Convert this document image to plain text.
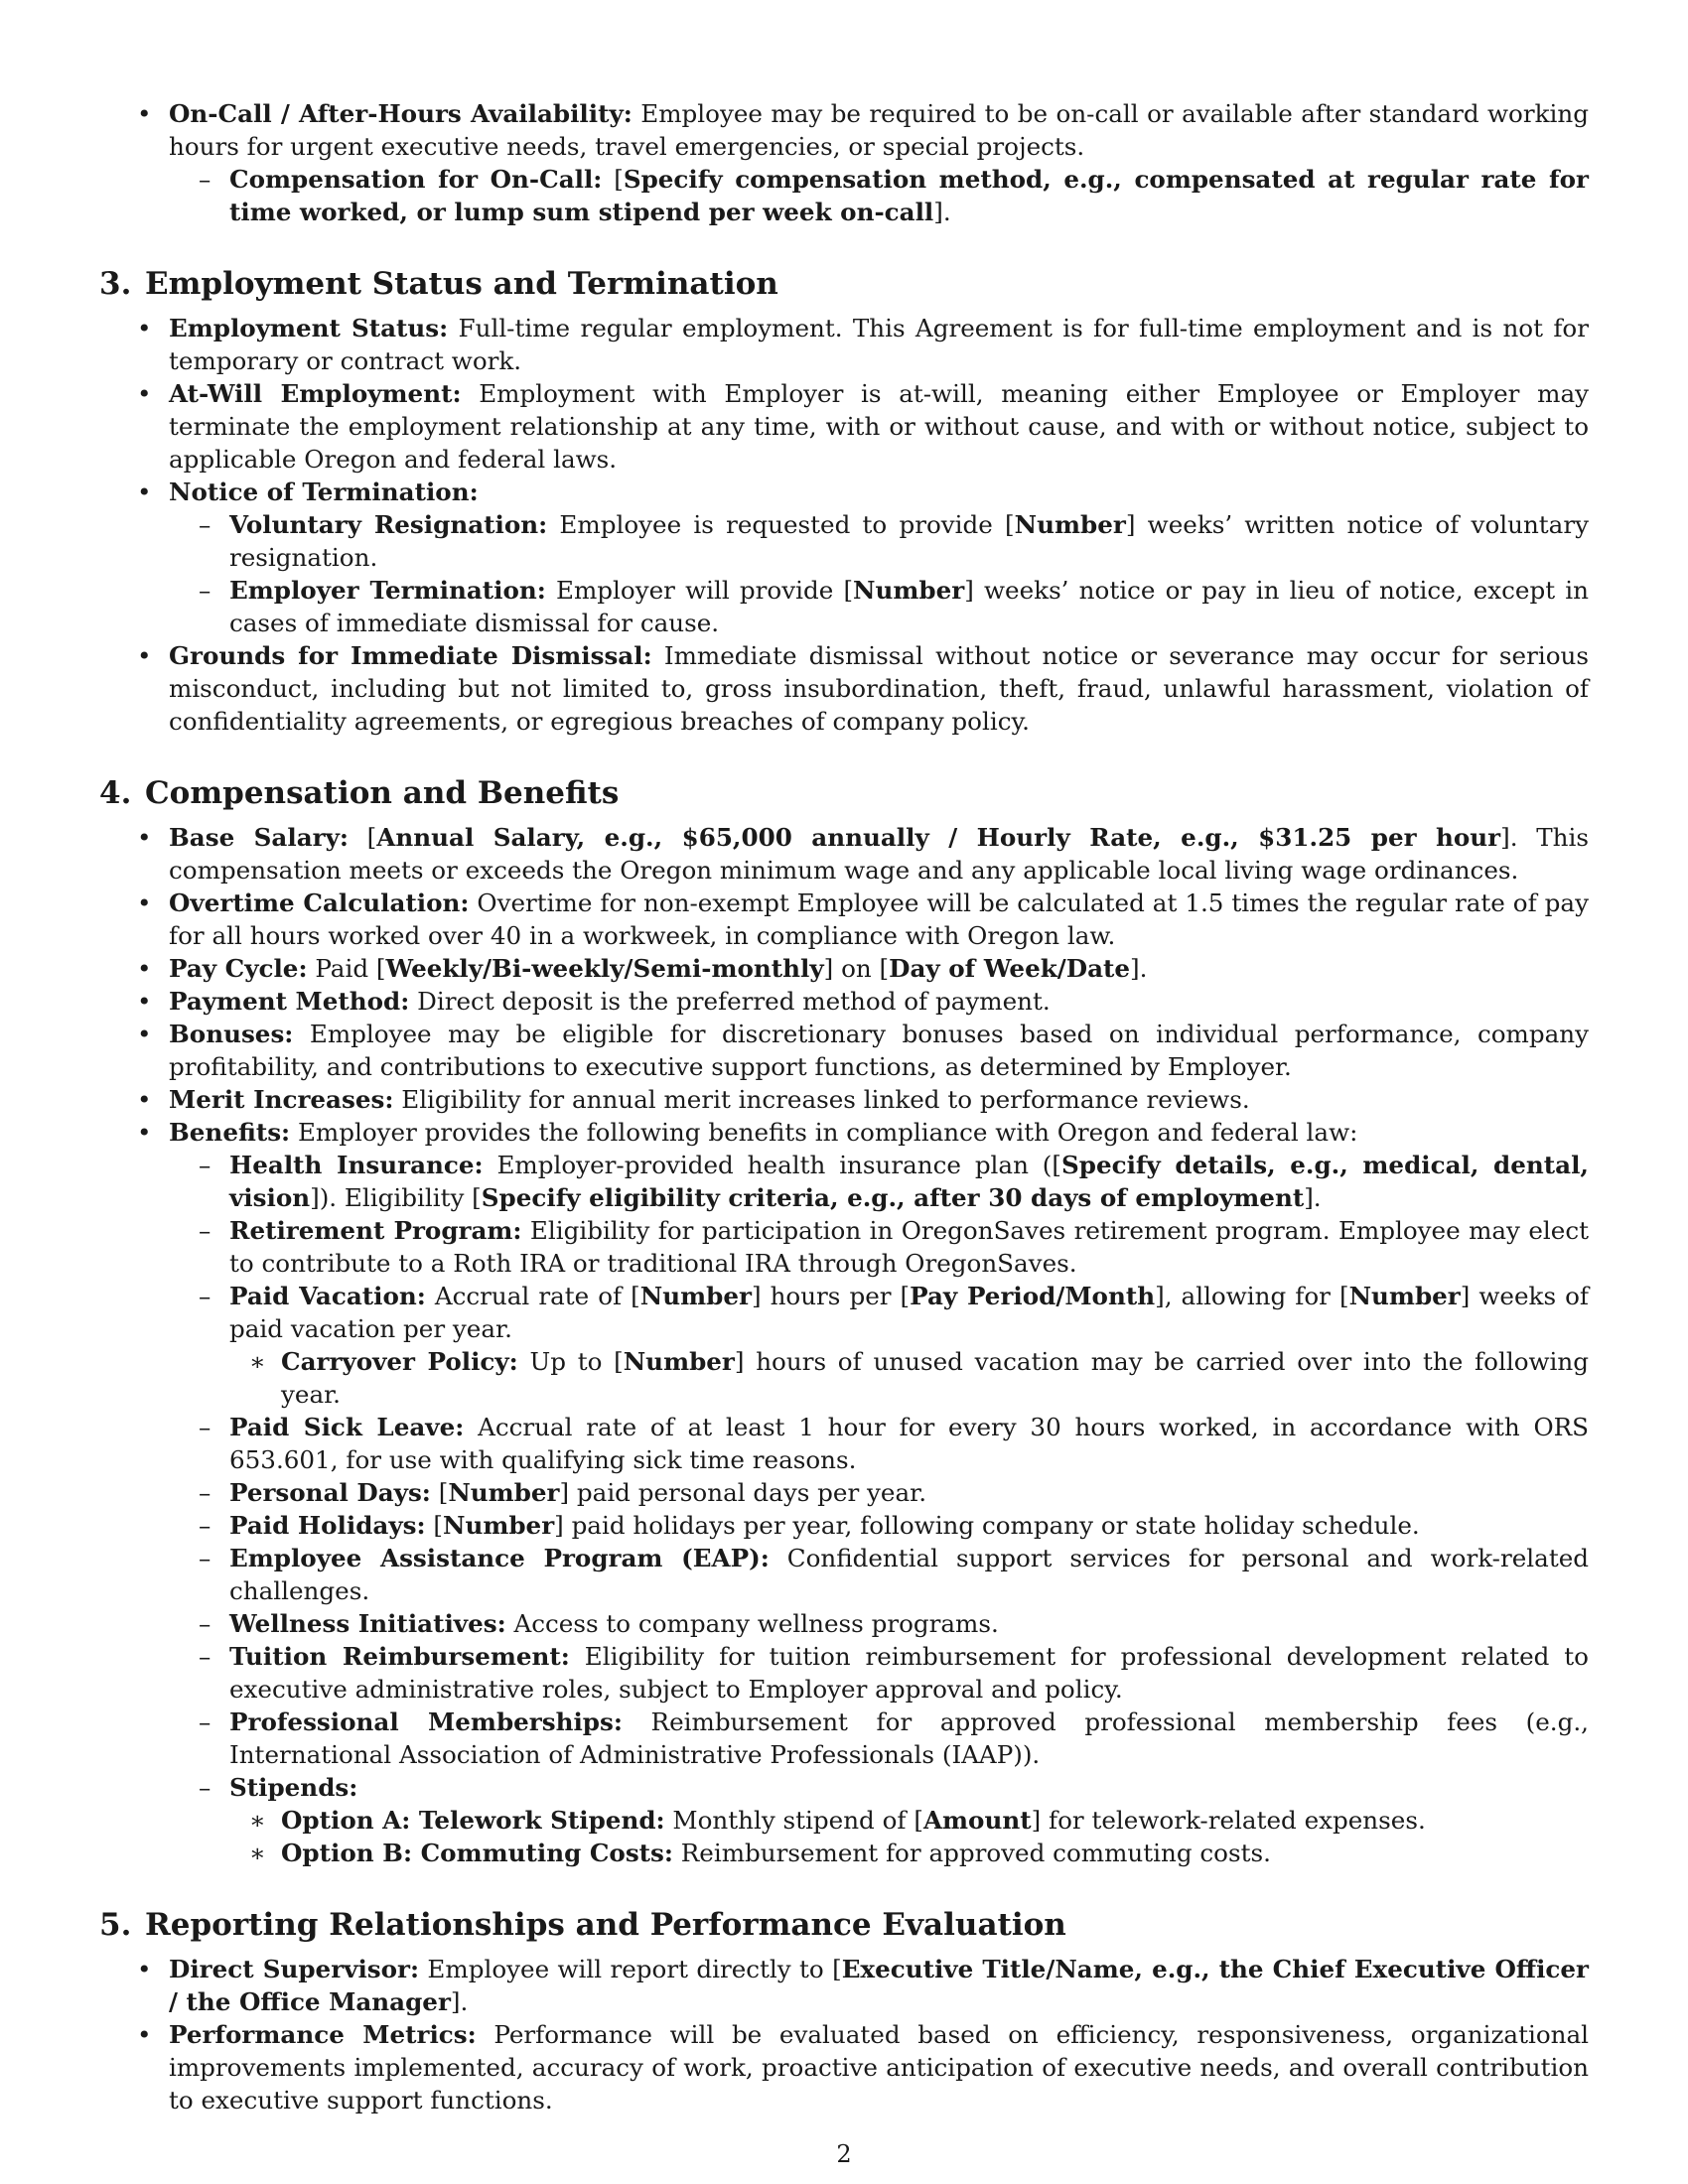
• On-Call / After-Hours Availability: Employee may be required to be on-call or available after standard working hours for urgent executive needs, travel emergencies, or special projects.
– Compensation for On-Call: [Specify compensation method, e.g., compensated at regular rate for time worked, or lump sum stipend per week on-call].
3. Employment Status and Termination
• Employment Status: Full-time regular employment. This Agreement is for full-time employment and is not for temporary or contract work.
• At-Will Employment: Employment with Employer is at-will, meaning either Employee or Employer may terminate the employment relationship at any time, with or without cause, and with or without notice, subject to applicable Oregon and federal laws.
• Notice of Termination:
– Voluntary Resignation: Employee is requested to provide [Number] weeks’ written notice of voluntary resignation.
– Employer Termination: Employer will provide [Number] weeks’ notice or pay in lieu of notice, except in cases of immediate dismissal for cause.
• Grounds for Immediate Dismissal: Immediate dismissal without notice or severance may occur for serious misconduct, including but not limited to, gross insubordination, theft, fraud, unlawful harassment, violation of confidentiality agreements, or egregious breaches of company policy.
4. Compensation and Benefits
• Base Salary: [Annual Salary, e.g., $65,000 annually / Hourly Rate, e.g., $31.25 per hour]. This compensation meets or exceeds the Oregon minimum wage and any applicable local living wage ordinances.
• Overtime Calculation: Overtime for non-exempt Employee will be calculated at 1.5 times the regular rate of pay for all hours worked over 40 in a workweek, in compliance with Oregon law.
• Pay Cycle: Paid [Weekly/Bi-weekly/Semi-monthly] on [Day of Week/Date].
• Payment Method: Direct deposit is the preferred method of payment.
• Bonuses: Employee may be eligible for discretionary bonuses based on individual performance, company profitability, and contributions to executive support functions, as determined by Employer.
• Merit Increases: Eligibility for annual merit increases linked to performance reviews.
• Benefits: Employer provides the following benefits in compliance with Oregon and federal law:
– Health Insurance: Employer-provided health insurance plan ([Specify details, e.g., medical, dental, vision]). Eligibility [Specify eligibility criteria, e.g., after 30 days of employment].
– Retirement Program: Eligibility for participation in OregonSaves retirement program. Employee may elect to contribute to a Roth IRA or traditional IRA through OregonSaves.
– Paid Vacation: Accrual rate of [Number] hours per [Pay Period/Month], allowing for [Number] weeks of paid vacation per year.
∗ Carryover Policy: Up to [Number] hours of unused vacation may be carried over into the following year.
– Paid Sick Leave: Accrual rate of at least 1 hour for every 30 hours worked, in accordance with ORS 653.601, for use with qualifying sick time reasons.
– Personal Days: [Number] paid personal days per year.
– Paid Holidays: [Number] paid holidays per year, following company or state holiday schedule.
– Employee Assistance Program (EAP): Confidential support services for personal and work-related challenges.
– Wellness Initiatives: Access to company wellness programs.
– Tuition Reimbursement: Eligibility for tuition reimbursement for professional development related to executive administrative roles, subject to Employer approval and policy.
– Professional Memberships: Reimbursement for approved professional membership fees (e.g., International Association of Administrative Professionals (IAAP)).
– Stipends:
∗ Option A: Telework Stipend: Monthly stipend of [Amount] for telework-related expenses.
∗ Option B: Commuting Costs: Reimbursement for approved commuting costs.
5. Reporting Relationships and Performance Evaluation
• Direct Supervisor: Employee will report directly to [Executive Title/Name, e.g., the Chief Executive Officer / the Office Manager].
• Performance Metrics: Performance will be evaluated based on efficiency, responsiveness, organizational improvements implemented, accuracy of work, proactive anticipation of executive needs, and overall contribution to executive support functions.
2
